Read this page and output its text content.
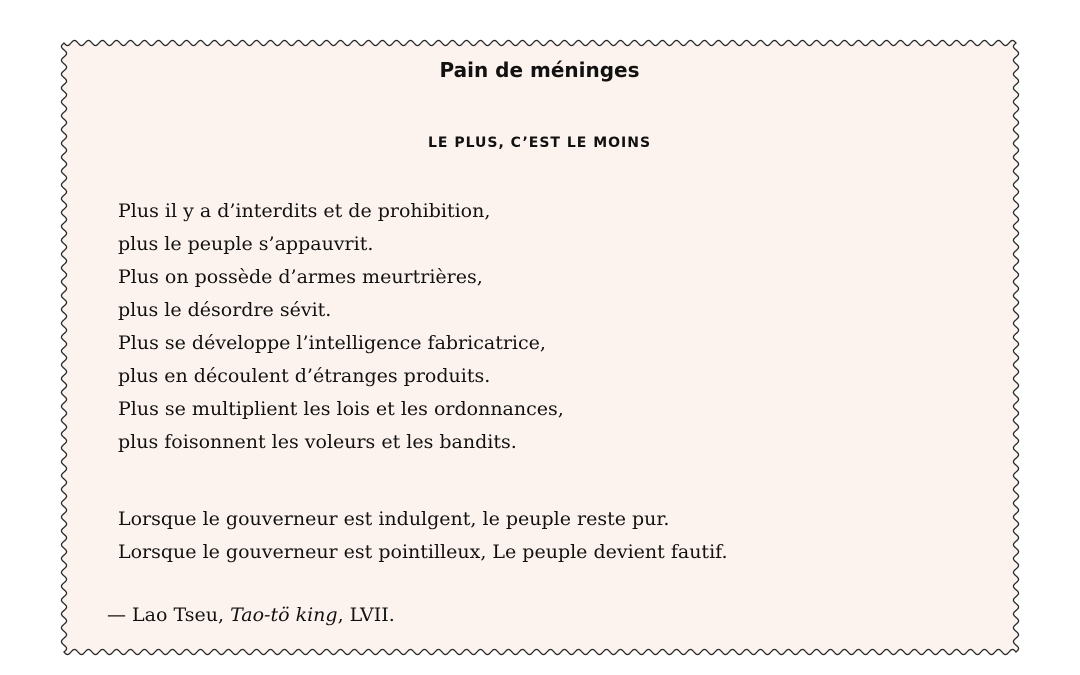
Pain de méninges
LE PLUS, C’EST LE MOINS
Plus il y a d’interdits et de prohibition,
plus le peuple s’appauvrit.
Plus on possède d’armes meurtrières,
plus le désordre sévit.
Plus se développe l’intelligence fabricatrice,
plus en découlent d’étranges produits.
Plus se multiplient les lois et les ordonnances,
plus foisonnent les voleurs et les bandits.
Lorsque le gouverneur est indulgent, le peuple reste pur.
Lorsque le gouverneur est pointilleux, Le peuple devient fautif.
— Lao Tseu, Tao-tö king, LVII.
